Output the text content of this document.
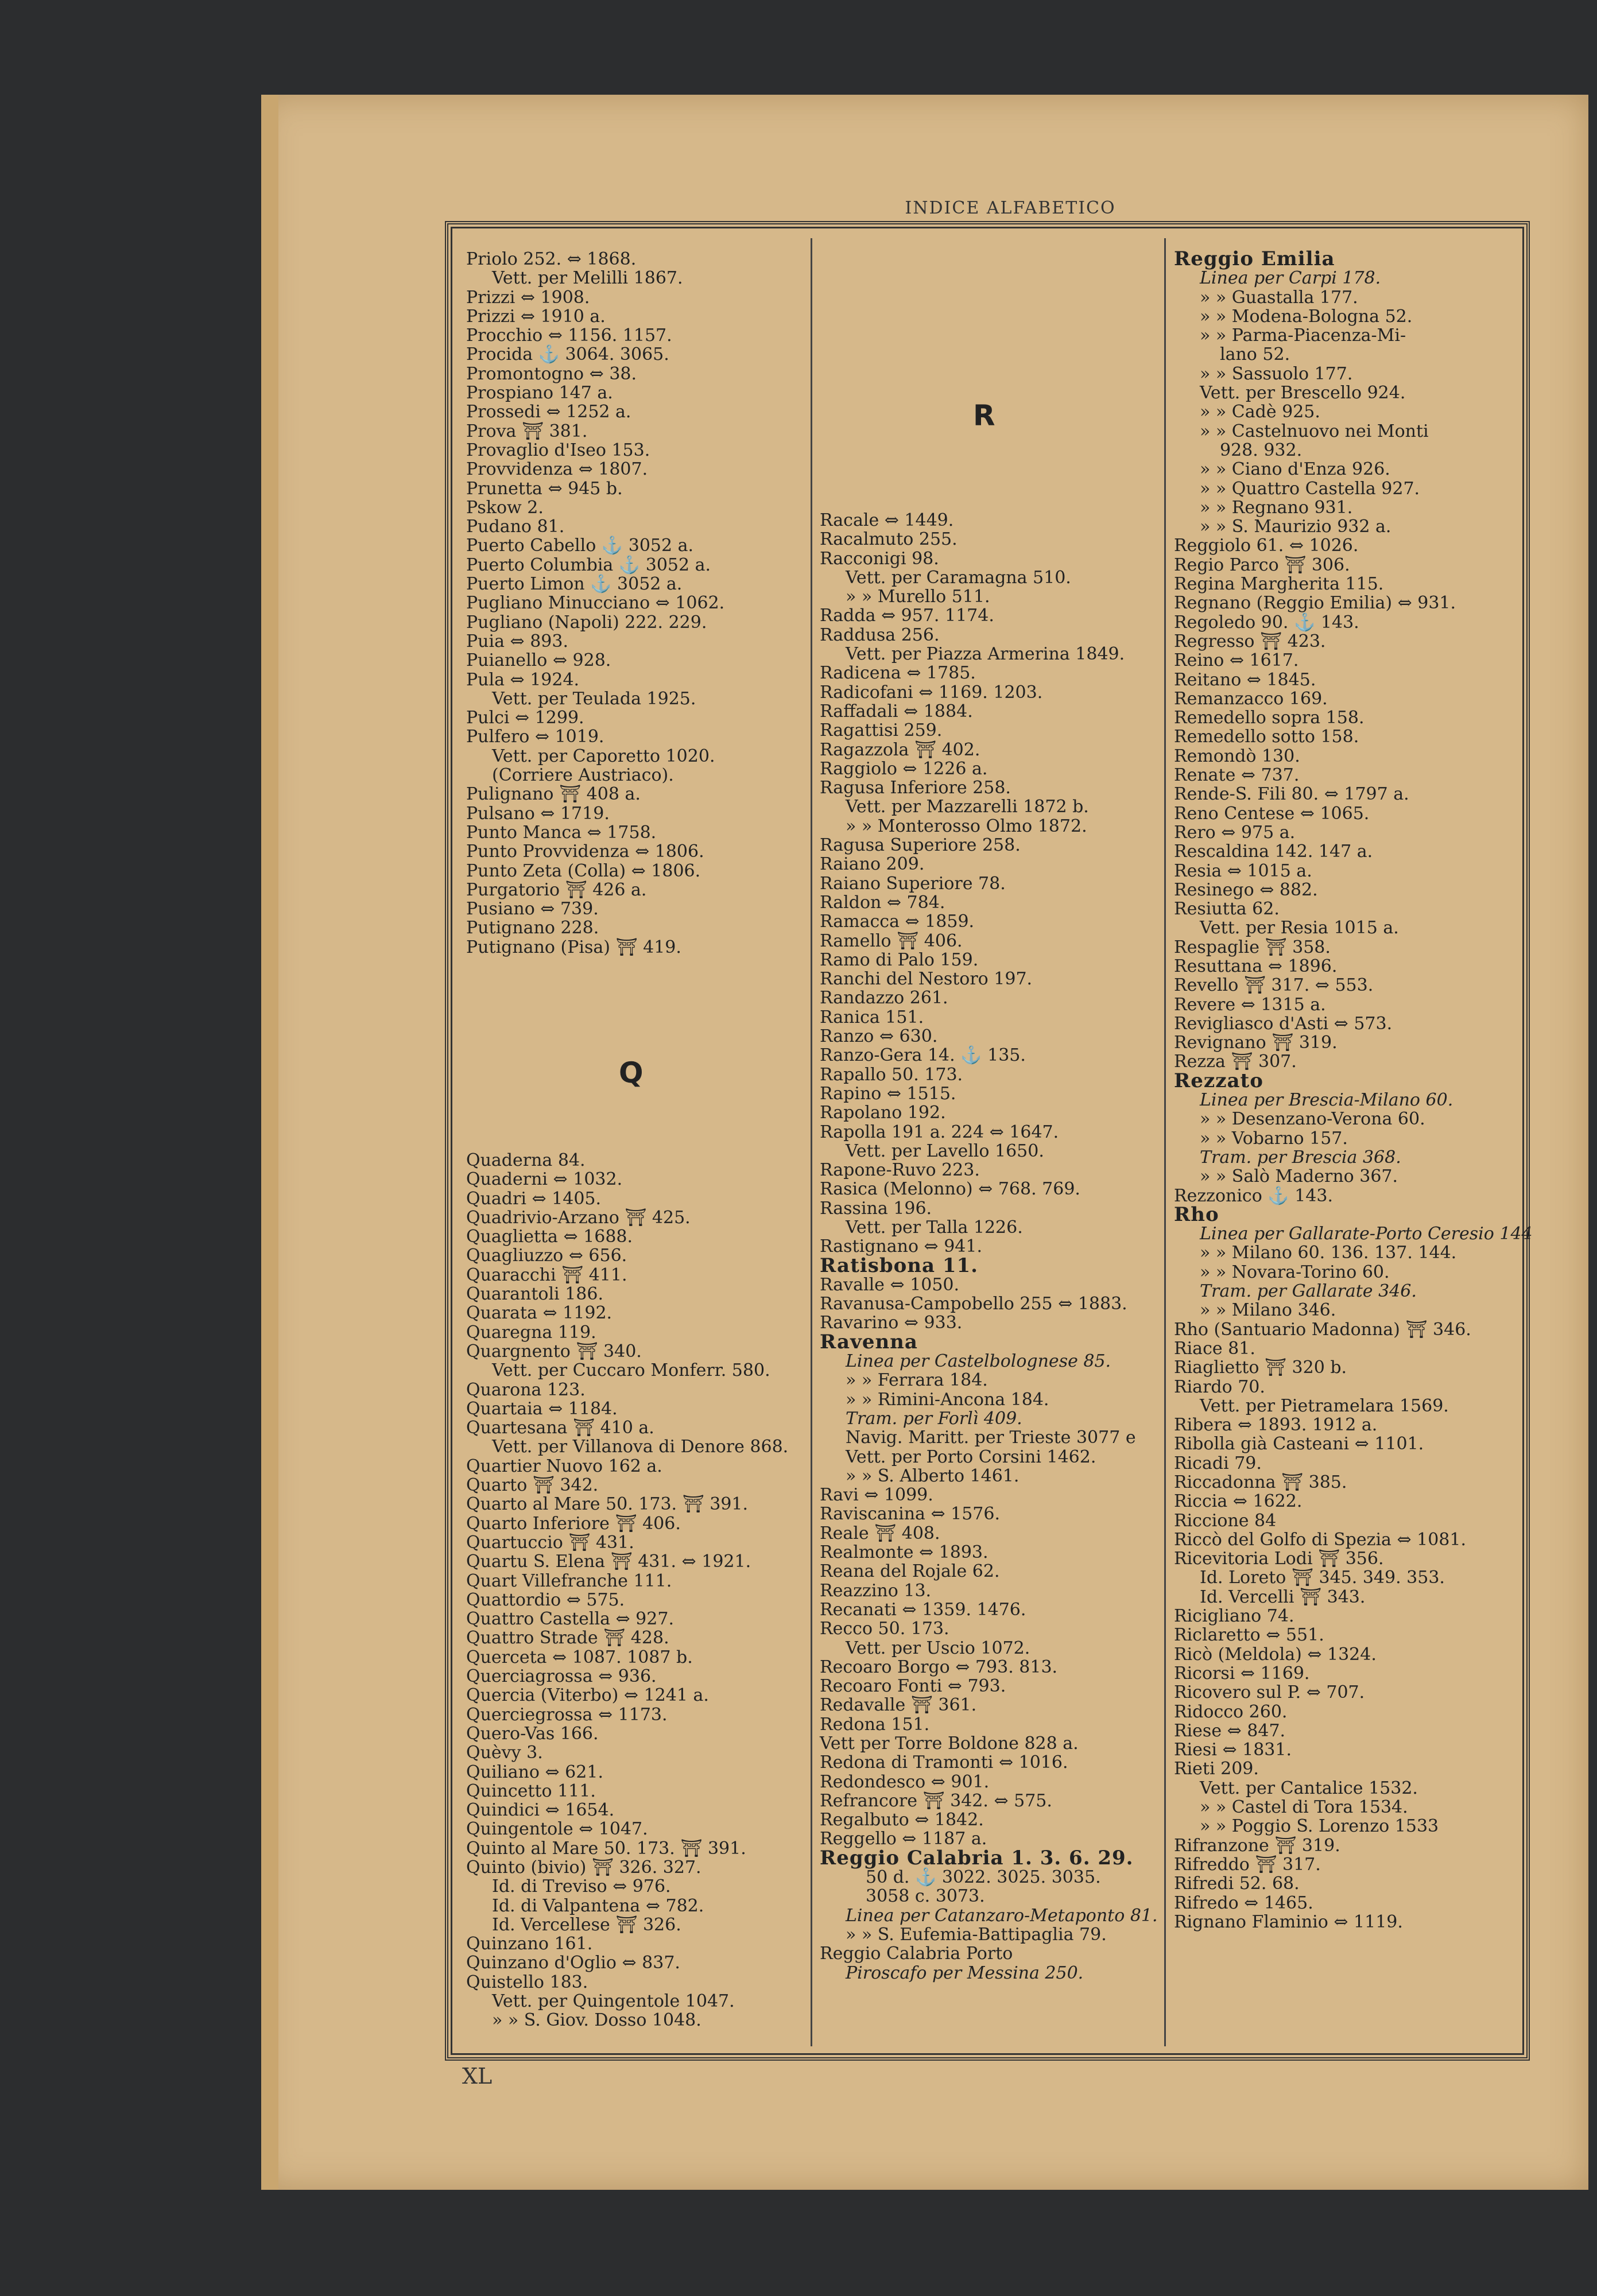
INDICE ALFABETICO
Priolo 252. ⇔ 1868.
Vett. per Melilli 1867.
Prizzi ⇔ 1908.
Prizzi ⇔ 1910 a.
Procchio ⇔ 1156. 1157.
Procida ⚓ 3064. 3065.
Promontogno ⇔ 38.
Prospiano 147 a.
Prossedi ⇔ 1252 a.
Prova ⛩ 381.
Provaglio d'Iseo 153.
Provvidenza ⇔ 1807.
Prunetta ⇔ 945 b.
Pskow 2.
Pudano 81.
Puerto Cabello ⚓ 3052 a.
Puerto Columbia ⚓ 3052 a.
Puerto Limon ⚓ 3052 a.
Pugliano Minucciano ⇔ 1062.
Pugliano (Napoli) 222. 229.
Puia ⇔ 893.
Puianello ⇔ 928.
Pula ⇔ 1924.
Vett. per Teulada 1925.
Pulci ⇔ 1299.
Pulfero ⇔ 1019.
Vett. per Caporetto 1020.
(Corriere Austriaco).
Pulignano ⛩ 408 a.
Pulsano ⇔ 1719.
Punto Manca ⇔ 1758.
Punto Provvidenza ⇔ 1806.
Punto Zeta (Colla) ⇔ 1806.
Purgatorio ⛩ 426 a.
Pusiano ⇔ 739.
Putignano 228.
Putignano (Pisa) ⛩ 419.
Q
Quaderna 84.
Quaderni ⇔ 1032.
Quadri ⇔ 1405.
Quadrivio-Arzano ⛩ 425.
Quaglietta ⇔ 1688.
Quagliuzzo ⇔ 656.
Quaracchi ⛩ 411.
Quarantoli 186.
Quarata ⇔ 1192.
Quaregna 119.
Quargnento ⛩ 340.
Vett. per Cuccaro Monferr. 580.
Quarona 123.
Quartaia ⇔ 1184.
Quartesana ⛩ 410 a.
Vett. per Villanova di Denore 868.
Quartier Nuovo 162 a.
Quarto ⛩ 342.
Quarto al Mare 50. 173. ⛩ 391.
Quarto Inferiore ⛩ 406.
Quartuccio ⛩ 431.
Quartu S. Elena ⛩ 431. ⇔ 1921.
Quart Villefranche 111.
Quattordio ⇔ 575.
Quattro Castella ⇔ 927.
Quattro Strade ⛩ 428.
Querceta ⇔ 1087. 1087 b.
Querciagrossa ⇔ 936.
Quercia (Viterbo) ⇔ 1241 a.
Querciegrossa ⇔ 1173.
Quero-Vas 166.
Quèvy 3.
Quiliano ⇔ 621.
Quincetto 111.
Quindici ⇔ 1654.
Quingentole ⇔ 1047.
Quinto al Mare 50. 173. ⛩ 391.
Quinto (bivio) ⛩ 326. 327.
Id. di Treviso ⇔ 976.
Id. di Valpantena ⇔ 782.
Id. Vercellese ⛩ 326.
Quinzano 161.
Quinzano d'Oglio ⇔ 837.
Quistello 183.
Vett. per Quingentole 1047.
» » S. Giov. Dosso 1048.
R
Racale ⇔ 1449.
Racalmuto 255.
Racconigi 98.
Vett. per Caramagna 510.
» » Murello 511.
Radda ⇔ 957. 1174.
Raddusa 256.
Vett. per Piazza Armerina 1849.
Radicena ⇔ 1785.
Radicofani ⇔ 1169. 1203.
Raffadali ⇔ 1884.
Ragattisi 259.
Ragazzola ⛩ 402.
Raggiolo ⇔ 1226 a.
Ragusa Inferiore 258.
Vett. per Mazzarelli 1872 b.
» » Monterosso Olmo 1872.
Ragusa Superiore 258.
Raiano 209.
Raiano Superiore 78.
Raldon ⇔ 784.
Ramacca ⇔ 1859.
Ramello ⛩ 406.
Ramo di Palo 159.
Ranchi del Nestoro 197.
Randazzo 261.
Ranica 151.
Ranzo ⇔ 630.
Ranzo-Gera 14. ⚓ 135.
Rapallo 50. 173.
Rapino ⇔ 1515.
Rapolano 192.
Rapolla 191 a. 224 ⇔ 1647.
Vett. per Lavello 1650.
Rapone-Ruvo 223.
Rasica (Melonno) ⇔ 768. 769.
Rassina 196.
Vett. per Talla 1226.
Rastignano ⇔ 941.
Ratisbona 11.
Ravalle ⇔ 1050.
Ravanusa-Campobello 255 ⇔ 1883.
Ravarino ⇔ 933.
Ravenna
Linea per Castelbolognese 85.
» » Ferrara 184.
» » Rimini-Ancona 184.
Tram. per Forlì 409.
Navig. Maritt. per Trieste 3077 e
Vett. per Porto Corsini 1462.
» » S. Alberto 1461.
Ravi ⇔ 1099.
Raviscanina ⇔ 1576.
Reale ⛩ 408.
Realmonte ⇔ 1893.
Reana del Rojale 62.
Reazzino 13.
Recanati ⇔ 1359. 1476.
Recco 50. 173.
Vett. per Uscio 1072.
Recoaro Borgo ⇔ 793. 813.
Recoaro Fonti ⇔ 793.
Redavalle ⛩ 361.
Redona 151.
Vett per Torre Boldone 828 a.
Redona di Tramonti ⇔ 1016.
Redondesco ⇔ 901.
Refrancore ⛩ 342. ⇔ 575.
Regalbuto ⇔ 1842.
Reggello ⇔ 1187 a.
Reggio Calabria 1. 3. 6. 29.
50 d. ⚓ 3022. 3025. 3035.
3058 c. 3073.
Linea per Catanzaro-Metaponto 81.
» » S. Eufemia-Battipaglia 79.
Reggio Calabria Porto
Piroscafo per Messina 250.
Reggio Emilia
Linea per Carpi 178.
» » Guastalla 177.
» » Modena-Bologna 52.
» » Parma-Piacenza-Mi-
lano 52.
» » Sassuolo 177.
Vett. per Brescello 924.
» » Cadè 925.
» » Castelnuovo nei Monti
928. 932.
» » Ciano d'Enza 926.
» » Quattro Castella 927.
» » Regnano 931.
» » S. Maurizio 932 a.
Reggiolo 61. ⇔ 1026.
Regio Parco ⛩ 306.
Regina Margherita 115.
Regnano (Reggio Emilia) ⇔ 931.
Regoledo 90. ⚓ 143.
Regresso ⛩ 423.
Reino ⇔ 1617.
Reitano ⇔ 1845.
Remanzacco 169.
Remedello sopra 158.
Remedello sotto 158.
Remondò 130.
Renate ⇔ 737.
Rende-S. Fili 80. ⇔ 1797 a.
Reno Centese ⇔ 1065.
Rero ⇔ 975 a.
Rescaldina 142. 147 a.
Resia ⇔ 1015 a.
Resinego ⇔ 882.
Resiutta 62.
Vett. per Resia 1015 a.
Respaglie ⛩ 358.
Resuttana ⇔ 1896.
Revello ⛩ 317. ⇔ 553.
Revere ⇔ 1315 a.
Revigliasco d'Asti ⇔ 573.
Revignano ⛩ 319.
Rezza ⛩ 307.
Rezzato
Linea per Brescia-Milano 60.
» » Desenzano-Verona 60.
» » Vobarno 157.
Tram. per Brescia 368.
» » Salò Maderno 367.
Rezzonico ⚓ 143.
Rho
Linea per Gallarate-Porto Ceresio 144
» » Milano 60. 136. 137. 144.
» » Novara-Torino 60.
Tram. per Gallarate 346.
» » Milano 346.
Rho (Santuario Madonna) ⛩ 346.
Riace 81.
Riaglietto ⛩ 320 b.
Riardo 70.
Vett. per Pietramelara 1569.
Ribera ⇔ 1893. 1912 a.
Ribolla già Casteani ⇔ 1101.
Ricadi 79.
Riccadonna ⛩ 385.
Riccia ⇔ 1622.
Riccione 84
Riccò del Golfo di Spezia ⇔ 1081.
Ricevitoria Lodi ⛩ 356.
Id. Loreto ⛩ 345. 349. 353.
Id. Vercelli ⛩ 343.
Ricigliano 74.
Riclaretto ⇔ 551.
Ricò (Meldola) ⇔ 1324.
Ricorsi ⇔ 1169.
Ricovero sul P. ⇔ 707.
Ridocco 260.
Riese ⇔ 847.
Riesi ⇔ 1831.
Rieti 209.
Vett. per Cantalice 1532.
» » Castel di Tora 1534.
» » Poggio S. Lorenzo 1533
Rifranzone ⛩ 319.
Rifreddo ⛩ 317.
Rifredi 52. 68.
Rifredo ⇔ 1465.
Rignano Flaminio ⇔ 1119.
XL
